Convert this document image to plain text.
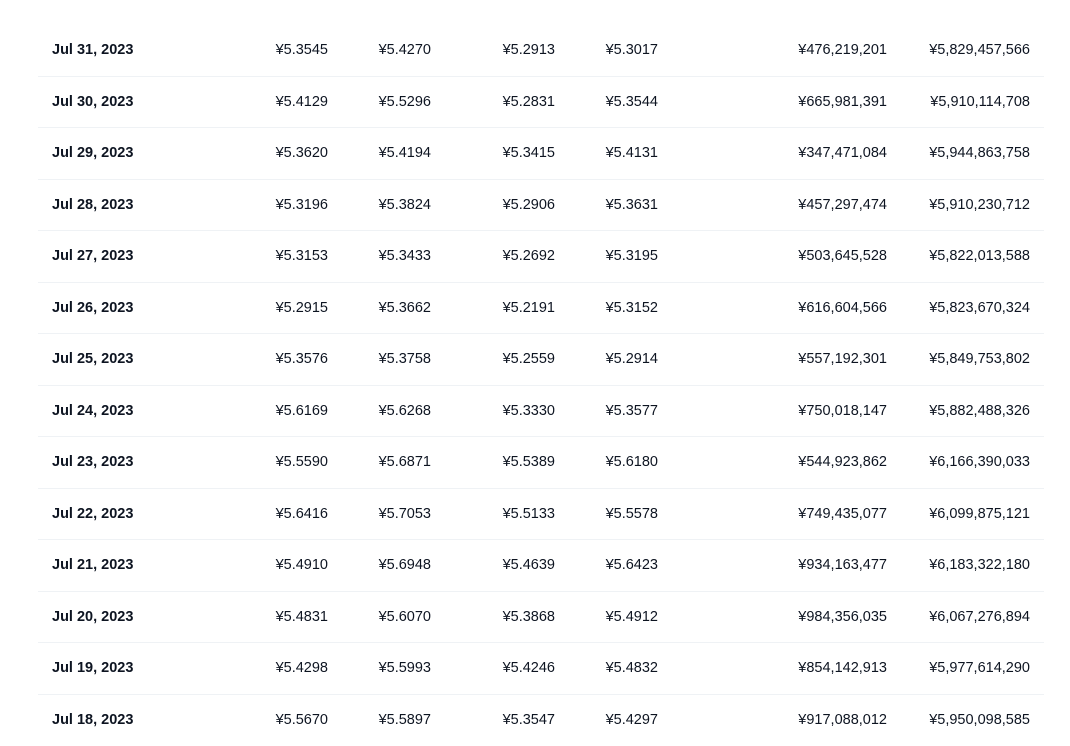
Jul 31, 2023	¥5.3545	¥5.4270	¥5.2913	¥5.3017	¥476,219,201	¥5,829,457,566
Jul 30, 2023	¥5.4129	¥5.5296	¥5.2831	¥5.3544	¥665,981,391	¥5,910,114,708
Jul 29, 2023	¥5.3620	¥5.4194	¥5.3415	¥5.4131	¥347,471,084	¥5,944,863,758
Jul 28, 2023	¥5.3196	¥5.3824	¥5.2906	¥5.3631	¥457,297,474	¥5,910,230,712
Jul 27, 2023	¥5.3153	¥5.3433	¥5.2692	¥5.3195	¥503,645,528	¥5,822,013,588
Jul 26, 2023	¥5.2915	¥5.3662	¥5.2191	¥5.3152	¥616,604,566	¥5,823,670,324
Jul 25, 2023	¥5.3576	¥5.3758	¥5.2559	¥5.2914	¥557,192,301	¥5,849,753,802
Jul 24, 2023	¥5.6169	¥5.6268	¥5.3330	¥5.3577	¥750,018,147	¥5,882,488,326
Jul 23, 2023	¥5.5590	¥5.6871	¥5.5389	¥5.6180	¥544,923,862	¥6,166,390,033
Jul 22, 2023	¥5.6416	¥5.7053	¥5.5133	¥5.5578	¥749,435,077	¥6,099,875,121
Jul 21, 2023	¥5.4910	¥5.6948	¥5.4639	¥5.6423	¥934,163,477	¥6,183,322,180
Jul 20, 2023	¥5.4831	¥5.6070	¥5.3868	¥5.4912	¥984,356,035	¥6,067,276,894
Jul 19, 2023	¥5.4298	¥5.5993	¥5.4246	¥5.4832	¥854,142,913	¥5,977,614,290
Jul 18, 2023	¥5.5670	¥5.5897	¥5.3547	¥5.4297	¥917,088,012	¥5,950,098,585
